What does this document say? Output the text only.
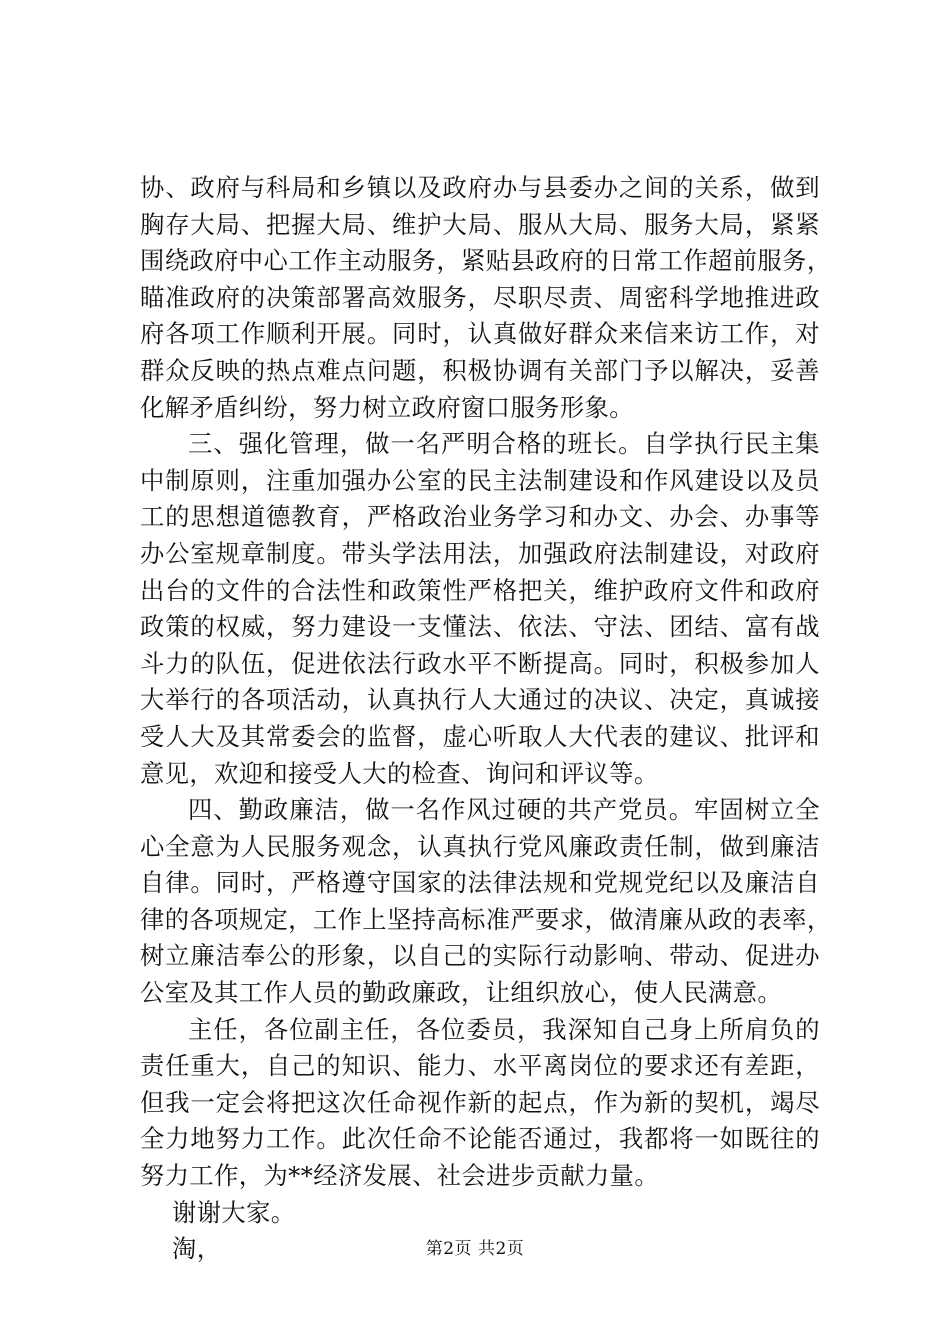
协、政府与科局和乡镇以及政府办与县委办之间的关系，做到
胸存大局、把握大局、维护大局、服从大局、服务大局，紧紧
围绕政府中心工作主动服务，紧贴县政府的日常工作超前服务，
瞄准政府的决策部署高效服务，尽职尽责、周密科学地推进政
府各项工作顺利开展。同时，认真做好群众来信来访工作，对
群众反映的热点难点问题，积极协调有关部门予以解决，妥善
化解矛盾纠纷，努力树立政府窗口服务形象。
三、强化管理，做一名严明合格的班长。自学执行民主集
中制原则，注重加强办公室的民主法制建设和作风建设以及员
工的思想道德教育，严格政治业务学习和办文、办会、办事等
办公室规章制度。带头学法用法，加强政府法制建设，对政府
出台的文件的合法性和政策性严格把关，维护政府文件和政府
政策的权威，努力建设一支懂法、依法、守法、团结、富有战
斗力的队伍，促进依法行政水平不断提高。同时，积极参加人
大举行的各项活动，认真执行人大通过的决议、决定，真诚接
受人大及其常委会的监督，虚心听取人大代表的建议、批评和
意见，欢迎和接受人大的检查、询问和评议等。
四、勤政廉洁，做一名作风过硬的共产党员。牢固树立全
心全意为人民服务观念，认真执行党风廉政责任制，做到廉洁
自律。同时，严格遵守国家的法律法规和党规党纪以及廉洁自
律的各项规定，工作上坚持高标准严要求，做清廉从政的表率，
树立廉洁奉公的形象，以自己的实际行动影响、带动、促进办
公室及其工作人员的勤政廉政，让组织放心，使人民满意。
主任，各位副主任，各位委员，我深知自己身上所肩负的
责任重大，自己的知识、能力、水平离岗位的要求还有差距，
但我一定会将把这次任命视作新的起点，作为新的契机，竭尽
全力地努力工作。此次任命不论能否通过，我都将一如既往的
努力工作，为**经济发展、社会进步贡献力量。
谢谢大家。
淘，	第2页 共2页
